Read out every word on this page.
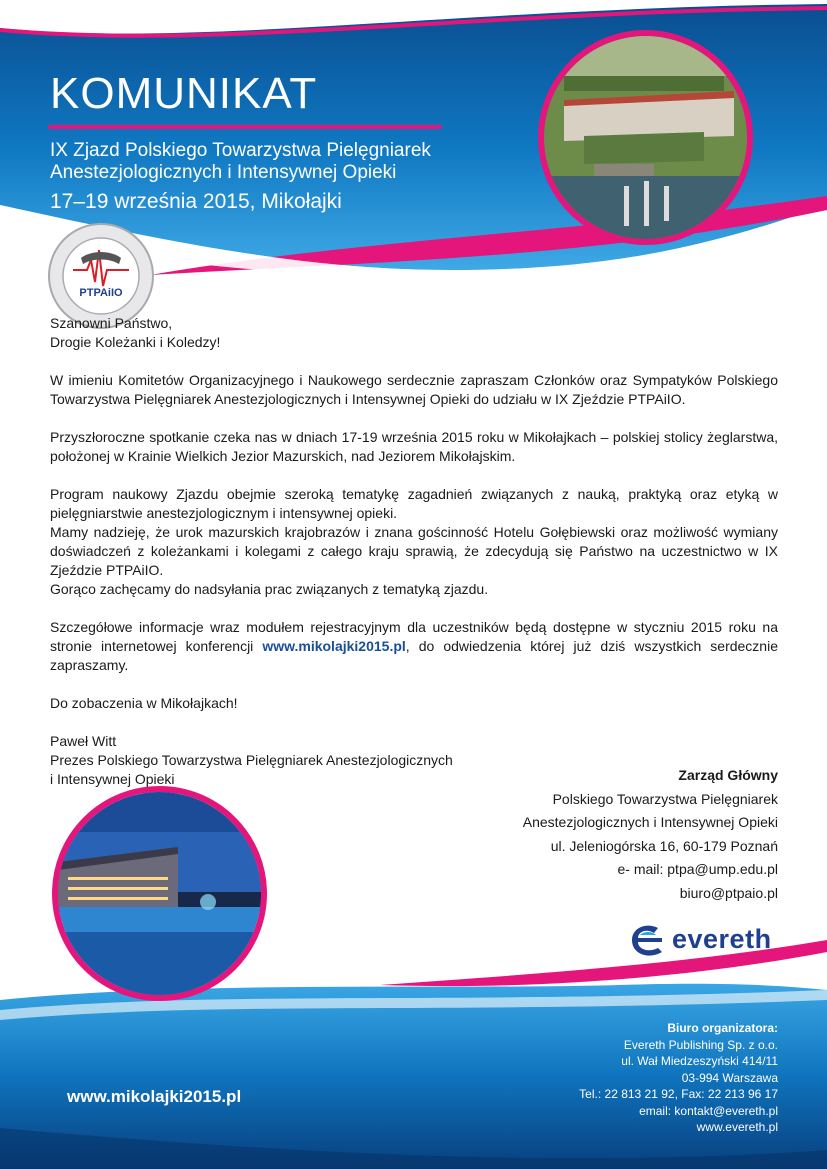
KOMUNIKAT
IX Zjazd Polskiego Towarzystwa Pielęgniarek
Anestezjologicznych i Intensywnej Opieki
17–19 września 2015, Mikołajki
PTPAiIO

Szanowni Państwo,
Drogie Koleżanki i Koledzy!

W imieniu Komitetów Organizacyjnego i Naukowego serdecznie zapraszam Członków oraz Sympatyków Polskiego Towarzystwa Pielęgniarek Anestezjologicznych i Intensywnej Opieki do udziału w IX Zjeździe PTPAiIO.

Przyszłoroczne spotkanie czeka nas w dniach 17-19 września 2015 roku w Mikołajkach – polskiej stolicy żeglarstwa, położonej w Krainie Wielkich Jezior Mazurskich, nad Jeziorem Mikołajskim.

Program naukowy Zjazdu obejmie szeroką tematykę zagadnień związanych z nauką, praktyką oraz etyką w pielęgniarstwie anestezjologicznym i intensywnej opieki.
Mamy nadzieję, że urok mazurskich krajobrazów i znana gościnność Hotelu Gołębiewski oraz możliwość wymiany doświadczeń z koleżankami i kolegami z całego kraju sprawią, że zdecydują się Państwo na uczestnictwo w IX Zjeździe PTPAiIO.
Gorąco zachęcamy do nadsyłania prac związanych z tematyką zjazdu.

Szczegółowe informacje wraz modułem rejestracyjnym dla uczestników będą dostępne w styczniu 2015 roku na stronie internetowej konferencji www.mikolajki2015.pl, do odwiedzenia której już dziś wszystkich serdecznie zapraszamy.

Do zobaczenia w Mikołajkach!

Paweł Witt
Prezes Polskiego Towarzystwa Pielęgniarek Anestezjologicznych
i Intensywnej Opieki	Zarząd Główny
Polskiego Towarzystwa Pielęgniarek
Anestezjologicznych i Intensywnej Opieki
ul. Jeleniogórska 16, 60-179 Poznań
e- mail: ptpa@ump.edu.pl
biuro@ptpaio.pl
evereth
www.mikolajki2015.pl
Biuro organizatora:
Evereth Publishing Sp. z o.o.
ul. Wał Miedzeszyński 414/11
03-994 Warszawa
Tel.: 22 813 21 92, Fax: 22 213 96 17
email: kontakt@evereth.pl
www.evereth.pl
